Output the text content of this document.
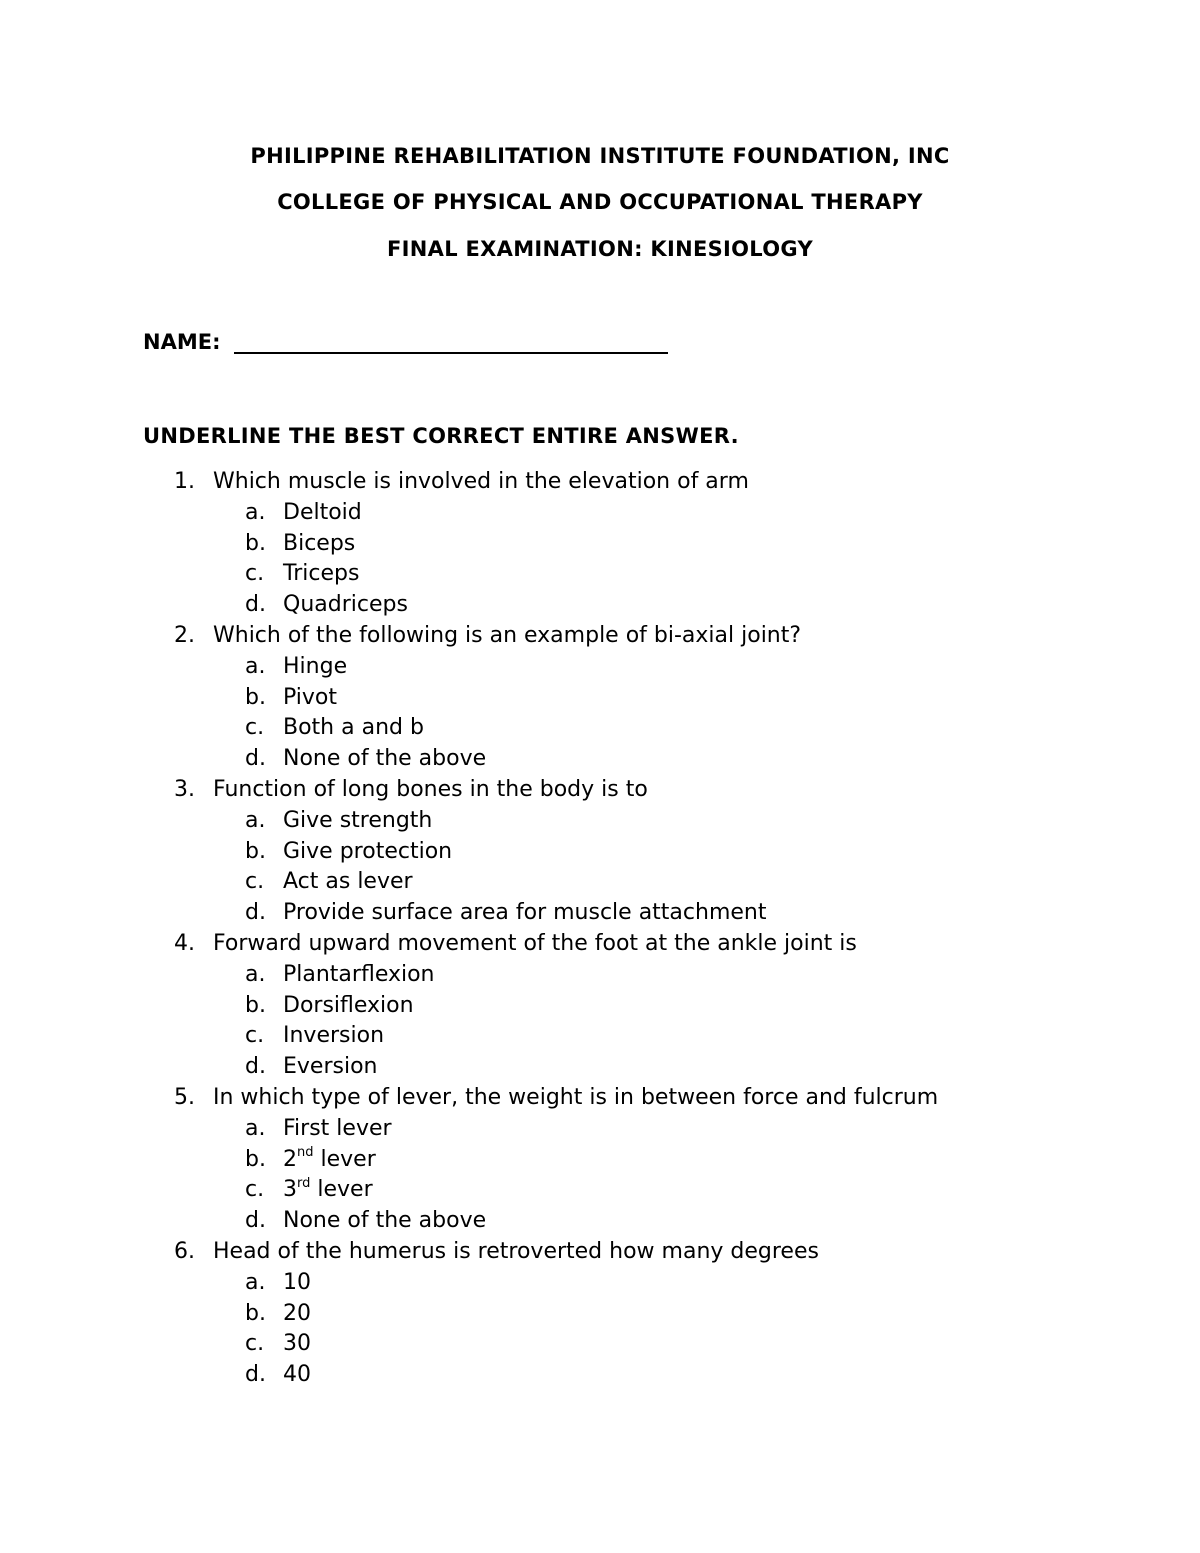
PHILIPPINE REHABILITATION INSTITUTE FOUNDATION, INC
COLLEGE OF PHYSICAL AND OCCUPATIONAL THERAPY
FINAL EXAMINATION: KINESIOLOGY
NAME:
UNDERLINE THE BEST CORRECT ENTIRE ANSWER.
1. Which muscle is involved in the elevation of arm
a. Deltoid
b. Biceps
c. Triceps
d. Quadriceps
2. Which of the following is an example of bi-axial joint?
a. Hinge
b. Pivot
c. Both a and b
d. None of the above
3. Function of long bones in the body is to
a. Give strength
b. Give protection
c. Act as lever
d. Provide surface area for muscle attachment
4. Forward upward movement of the foot at the ankle joint is
a. Plantarflexion
b. Dorsiflexion
c. Inversion
d. Eversion
5. In which type of lever, the weight is in between force and fulcrum
a. First lever
b. 2nd lever
c. 3rd lever
d. None of the above
6. Head of the humerus is retroverted how many degrees
a. 10
b. 20
c. 30
d. 40
